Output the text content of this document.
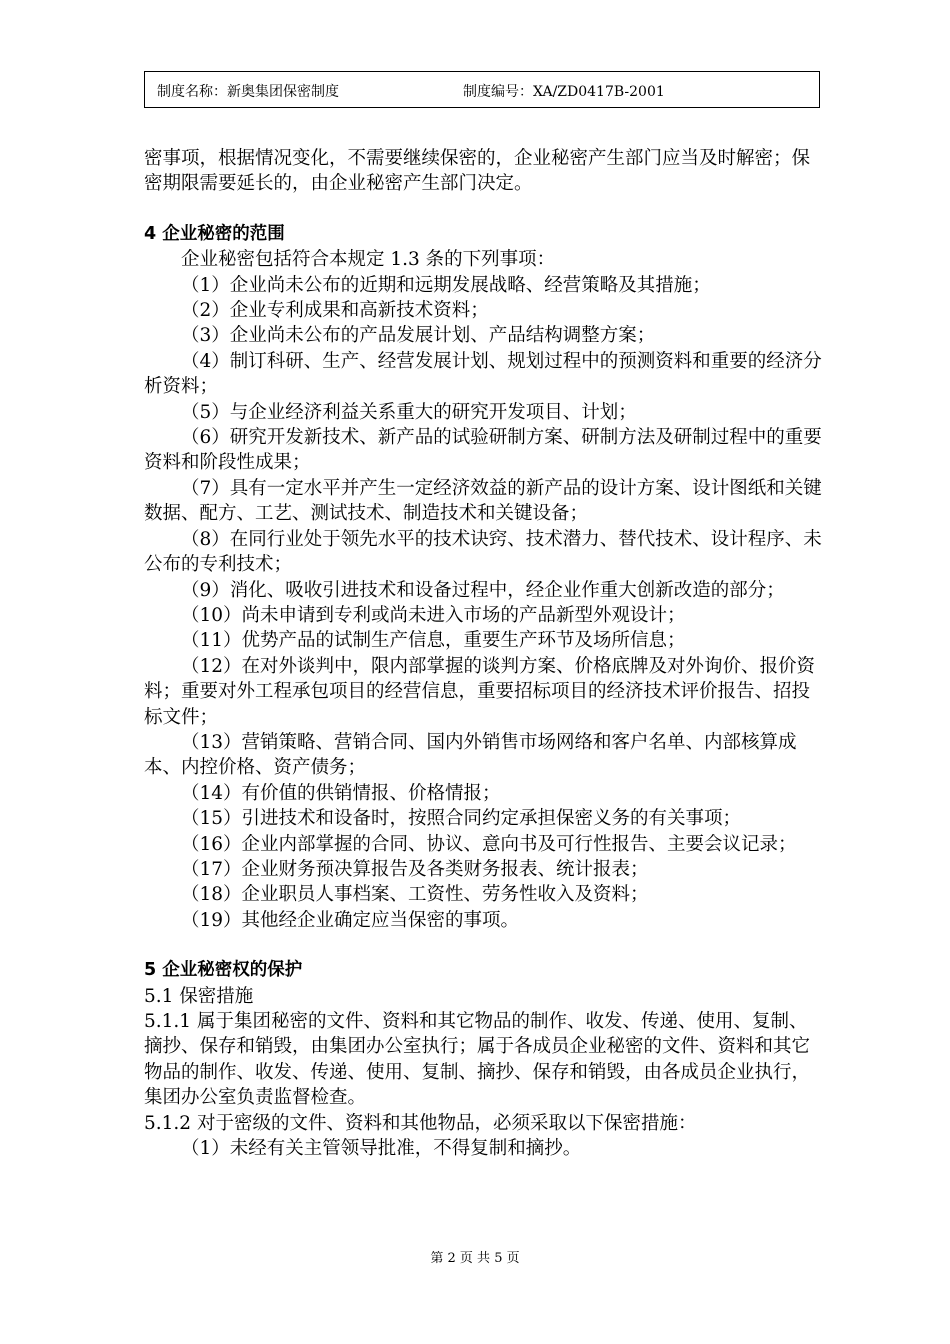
制度名称：新奥集团保密制度	制度编号：XA/ZD0417B-2001

密事项，根据情况变化，不需要继续保密的，企业秘密产生部门应当及时解密；保密期限需要延长的，由企业秘密产生部门决定。

4 企业秘密的范围

企业秘密包括符合本规定 1.3 条的下列事项：

（1）企业尚未公布的近期和远期发展战略、经营策略及其措施；

（2）企业专利成果和高新技术资料；

（3）企业尚未公布的产品发展计划、产品结构调整方案；

（4）制订科研、生产、经营发展计划、规划过程中的预测资料和重要的经济分析资料；

（5）与企业经济利益关系重大的研究开发项目、计划；

（6）研究开发新技术、新产品的试验研制方案、研制方法及研制过程中的重要资料和阶段性成果；

（7）具有一定水平并产生一定经济效益的新产品的设计方案、设计图纸和关键数据、配方、工艺、测试技术、制造技术和关键设备；

（8）在同行业处于领先水平的技术诀窍、技术潜力、替代技术、设计程序、未公布的专利技术；

（9）消化、吸收引进技术和设备过程中，经企业作重大创新改造的部分；

（10）尚未申请到专利或尚未进入市场的产品新型外观设计；

（11）优势产品的试制生产信息，重要生产环节及场所信息；

（12）在对外谈判中，限内部掌握的谈判方案、价格底牌及对外询价、报价资料；重要对外工程承包项目的经营信息，重要招标项目的经济技术评价报告、招投标文件；

（13）营销策略、营销合同、国内外销售市场网络和客户名单、内部核算成本、内控价格、资产债务；

（14）有价值的供销情报、价格情报；

（15）引进技术和设备时，按照合同约定承担保密义务的有关事项；

（16）企业内部掌握的合同、协议、意向书及可行性报告、主要会议记录；

（17）企业财务预决算报告及各类财务报表、统计报表；

（18）企业职员人事档案、工资性、劳务性收入及资料；

（19）其他经企业确定应当保密的事项。

5 企业秘密权的保护

5.1 保密措施

5.1.1 属于集团秘密的文件、资料和其它物品的制作、收发、传递、使用、复制、摘抄、保存和销毁，由集团办公室执行；属于各成员企业秘密的文件、资料和其它物品的制作、收发、传递、使用、复制、摘抄、保存和销毁，由各成员企业执行，集团办公室负责监督检查。

5.1.2 对于密级的文件、资料和其他物品，必须采取以下保密措施：

（1）未经有关主管领导批准，不得复制和摘抄。

第 2 页 共 5 页
